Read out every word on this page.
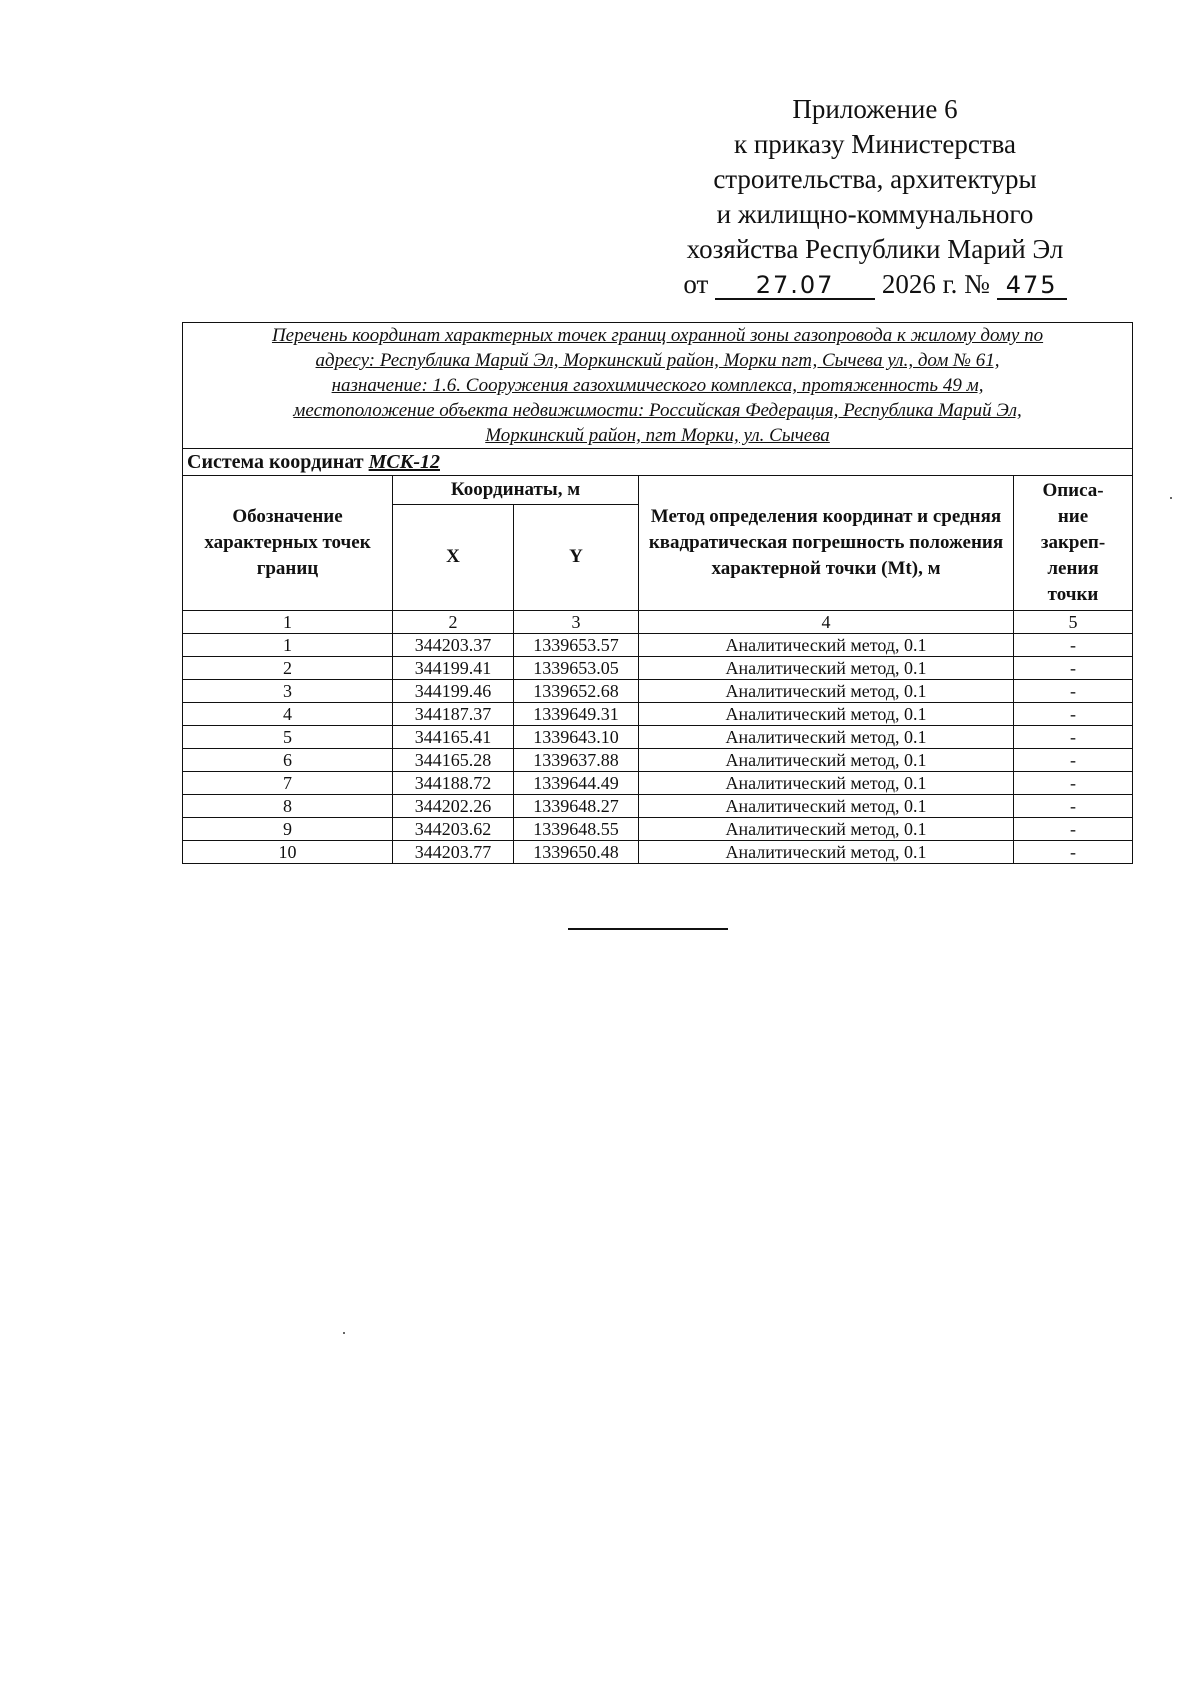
Приложение 6
к приказу Министерства
строительства, архитектуры
и жилищно-коммунального
хозяйства Республики Марий Эл
от 27.07 2026 г. № 475
Перечень координат характерных точек границ охранной зоны газопровода к жилому дому по
адресу: Республика Марий Эл, Моркинский район, Морки пгт, Сычева ул., дом № 61,
назначение: 1.6. Сооружения газохимического комплекса, протяженность 49 м,
местоположение объекта недвижимости: Российская Федерация, Республика Марий Эл,
Моркинский район, пгт Морки, ул. Сычева				

Система координат МСК-12				
Обозначение характерных точек границ	Координаты, м		Метод определения координат и средняя квадратическая погрешность положения характерной точки (Mt), м	Описа-
ние
закреп-
ления
точки

	X	Y		
1	2	3	4	5
1	344203.37	1339653.57	Аналитический метод, 0.1	-
2	344199.41	1339653.05	Аналитический метод, 0.1	-
3	344199.46	1339652.68	Аналитический метод, 0.1	-
4	344187.37	1339649.31	Аналитический метод, 0.1	-
5	344165.41	1339643.10	Аналитический метод, 0.1	-
6	344165.28	1339637.88	Аналитический метод, 0.1	-
7	344188.72	1339644.49	Аналитический метод, 0.1	-
8	344202.26	1339648.27	Аналитический метод, 0.1	-
9	344203.62	1339648.55	Аналитический метод, 0.1	-
10	344203.77	1339650.48	Аналитический метод, 0.1	-
